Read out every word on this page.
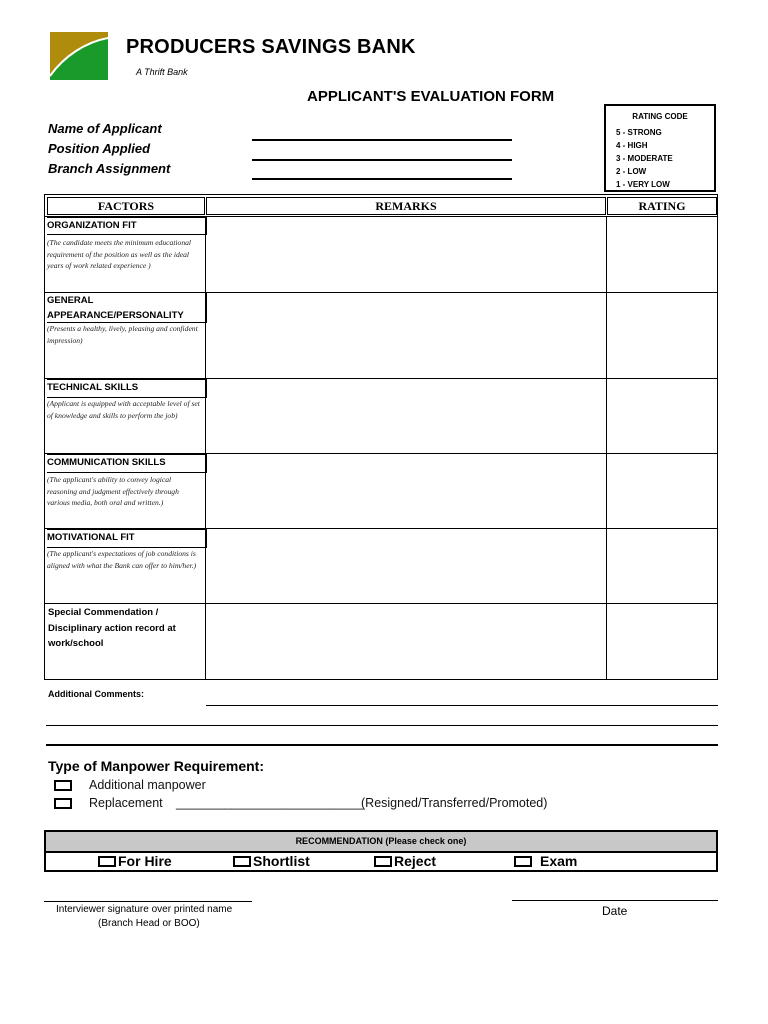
PRODUCERS SAVINGS BANK
A Thrift Bank
APPLICANT'S EVALUATION FORM
Name of Applicant
Position Applied
Branch Assignment
RATING CODE
5 - STRONG
4 - HIGH
3 - MODERATE
2 - LOW
1 - VERY LOW
FACTORS	REMARKS	RATING
ORGANIZATION FIT
(The candidate meets the minimum educational requirement of the position as well as the ideal years of work related experience )
GENERAL APPEARANCE/PERSONALITY
(Presents a healthy, lively, pleasing and confident impression)
TECHNICAL SKILLS
(Applicant is equipped with acceptable level of set of knowledge and skills to perform the job)
COMMUNICATION SKILLS
(The applicant's ability to convey logical reasoning and judgment effectively through various media, both oral and written.)
MOTIVATIONAL FIT
(The applicant's expectations of job conditions is aligned with what the Bank can offer to him/her.)
Special Commendation / Disciplinary action record at work/school
Additional Comments:
Type of Manpower Requirement:
Additional manpower
Replacement ___________________________
(Resigned/Transferred/Promoted)
RECOMMENDATION (Please check one)
For Hire	Shortlist	Reject	Exam
Interviewer signature over printed name
(Branch Head or BOO)
Date
